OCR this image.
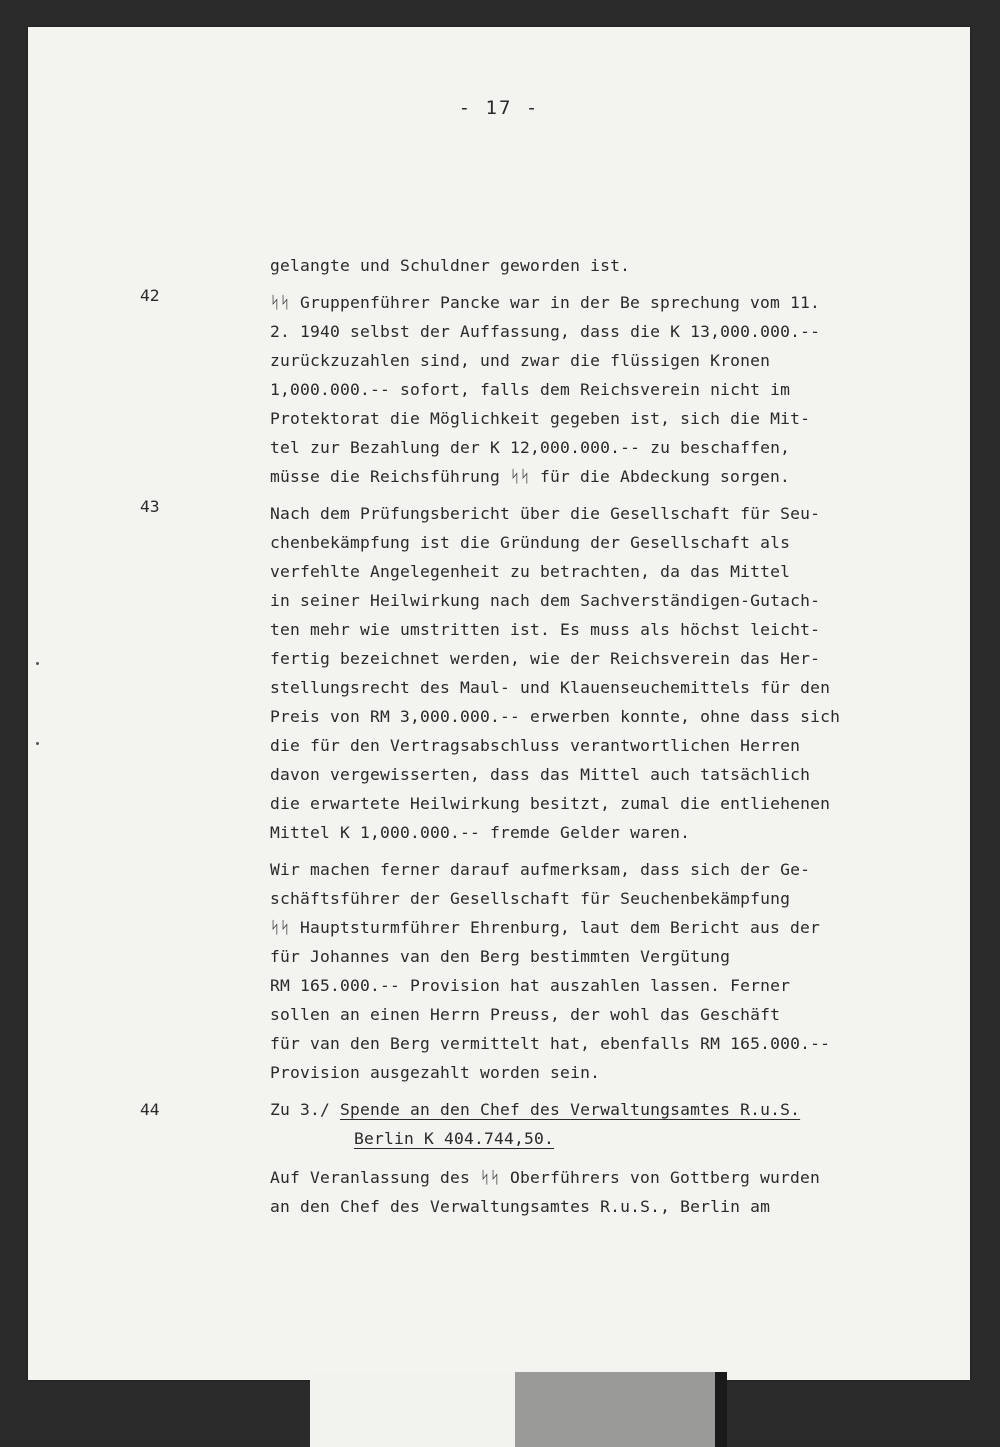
- 17 -
42
43
44

gelangte und Schuldner geworden ist.

ᛋᛋ Gruppenführer Pancke war in der Be sprechung vom 11.
2. 1940 selbst der Auffassung, dass die K 13,000.000.--
zurückzuzahlen sind, und zwar die flüssigen Kronen
1,000.000.-- sofort, falls dem Reichsverein nicht im
Protektorat die Möglichkeit gegeben ist, sich die Mit-
tel zur Bezahlung der K 12,000.000.-- zu beschaffen,
müsse die Reichsführung ᛋᛋ für die Abdeckung sorgen.

Nach dem Prüfungsbericht über die Gesellschaft für Seu-
chenbekämpfung ist die Gründung der Gesellschaft als
verfehlte Angelegenheit zu betrachten, da das Mittel
in seiner Heilwirkung nach dem Sachverständigen-Gutach-
ten mehr wie umstritten ist. Es muss als höchst leicht-
fertig bezeichnet werden, wie der Reichsverein das Her-
stellungsrecht des Maul- und Klauenseuchemittels für den
Preis von RM 3,000.000.-- erwerben konnte, ohne dass sich
die für den Vertragsabschluss verantwortlichen Herren
davon vergewisserten, dass das Mittel auch tatsächlich
die erwartete Heilwirkung besitzt, zumal die entliehenen
Mittel K 1,000.000.-- fremde Gelder waren.

Wir machen ferner darauf aufmerksam, dass sich der Ge-
schäftsführer der Gesellschaft für Seuchenbekämpfung
ᛋᛋ Hauptsturmführer Ehrenburg, laut dem Bericht aus der
für Johannes van den Berg bestimmten Vergütung
RM 165.000.-- Provision hat auszahlen lassen. Ferner
sollen an einen Herrn Preuss, der wohl das Geschäft
für van den Berg vermittelt hat, ebenfalls RM 165.000.--
Provision ausgezahlt worden sein.

Zu 3./ Spende an den Chef des Verwaltungsamtes R.u.S.
Berlin K 404.744,50.

Auf Veranlassung des ᛋᛋ Oberführers von Gottberg wurden
an den Chef des Verwaltungsamtes R.u.S., Berlin am
